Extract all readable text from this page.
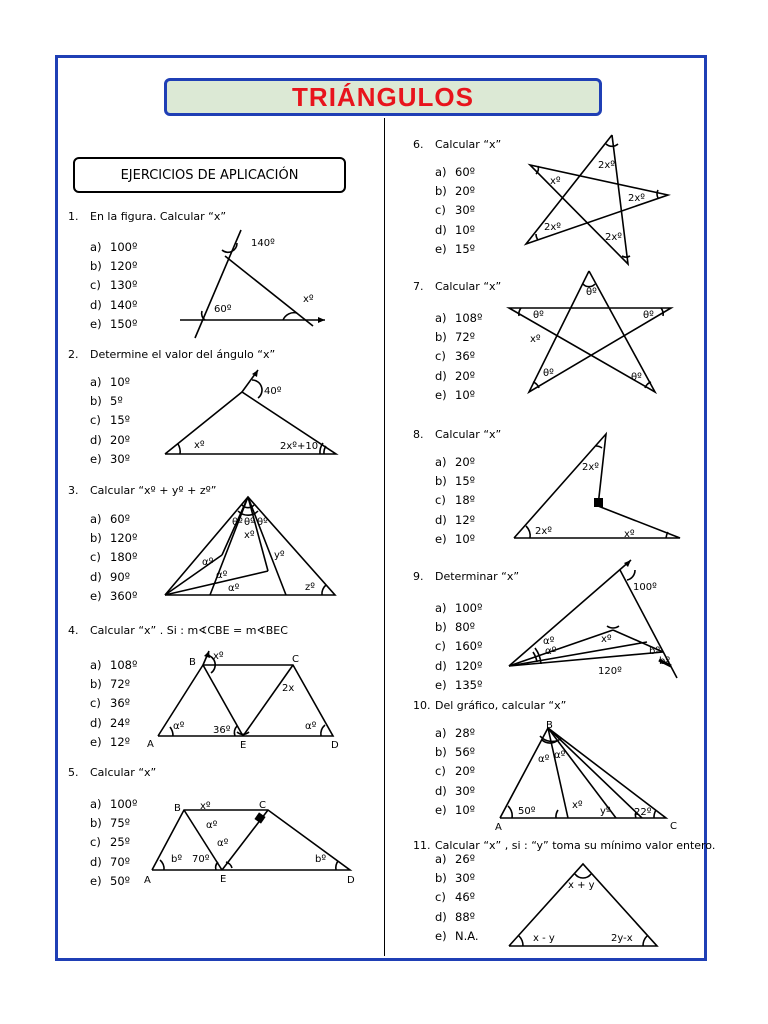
TRIÁNGULOS
EJERCICIOS DE APLICACIÓN
1. En la figura. Calcular “x”
a) 100º
b) 120º
c) 130º
d) 140º
e) 150º
140º
60º
xº
2. Determine el valor del ángulo “x”
a) 10º
b) 5º
c) 15º
d) 20º
e) 30º
40º
xº	2xº+10
3. Calcular “xº + yº + zº”
a) 60º
b) 120º
c) 180º
d) 90º
e) 360º
θº θº θº
xº
αº
αº
αº
yº
zº
4. Calcular “x” . Si : m∢CBE = m∢BEC
a) 108º
b) 72º
c) 36º
d) 24º
e) 12º
B	C
xº
2x
αº	36º	αº
A	E	D
5. Calcular “x”
a) 100º
b) 75º
c) 25º
d) 70º
e) 50º
B xº	C
αº
αº
bº 70º	bº
A	E	D
6. Calcular “x”
a) 60º
b) 20º
c) 30º
d) 10º
e) 15º
2xº
xº
2xº
2xº
2xº
7. Calcular “x”
a) 108º
b) 72º
c) 36º
d) 20º
e) 10º
θº
θº	θº
xº
θº	θº
8. Calcular “x”
a) 20º
b) 15º
c) 18º
d) 12º
e) 10º
2xº
2xº	xº
9. Determinar “x”
a) 100º
b) 80º
c) 160º
d) 120º
e) 135º
100º
αº
αº
xº
120º
bº
bº
10. Del gráfico, calcular “x”
a) 28º
b) 56º
c) 20º
d) 30º
e) 10º
B
αº αº
50º
xº
yº 22º
A	C
11. Calcular “x” , si : “y” toma su mínimo valor entero.
a) 26º
b) 30º
c) 46º
d) 88º
e) N.A.
x + y
x - y	2y-x
